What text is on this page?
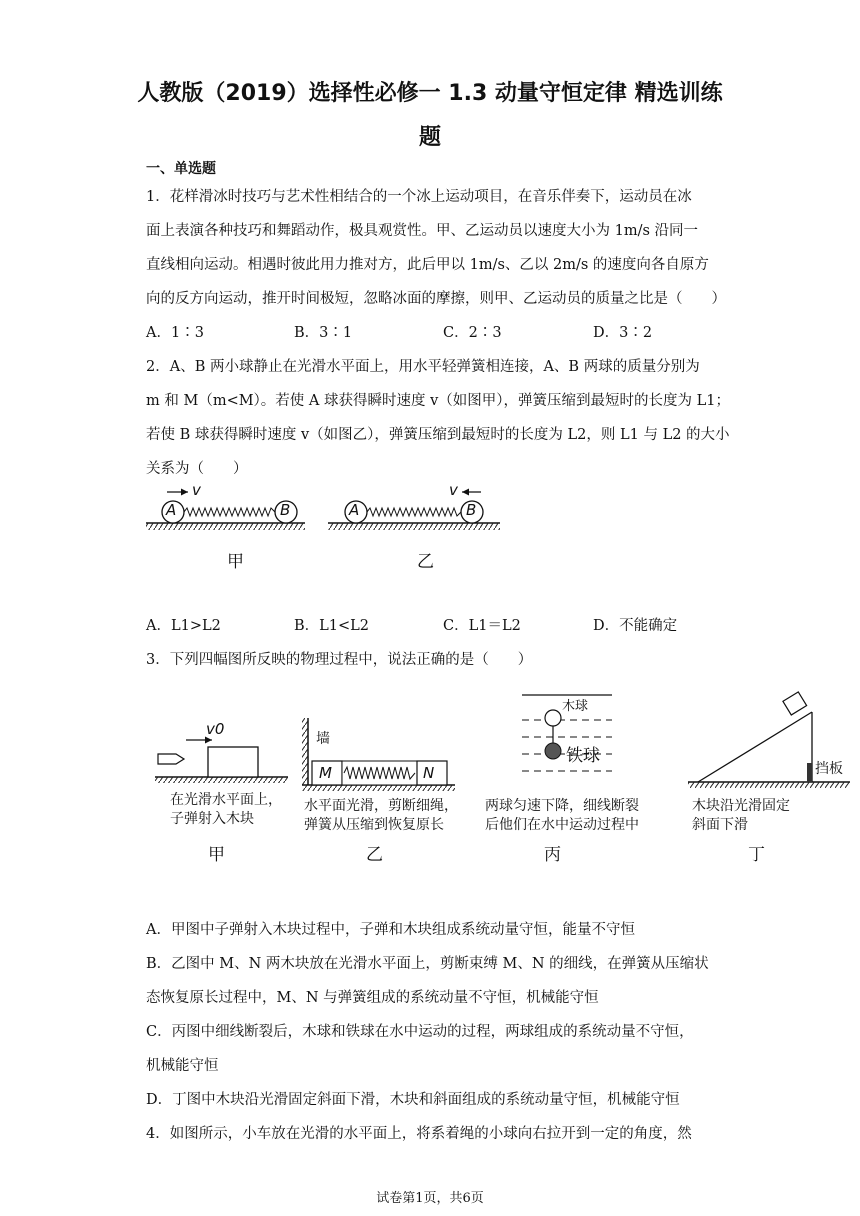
人教版（2019）选择性必修一 1.3 动量守恒定律 精选训练
题
一、单选题
1．花样滑冰时技巧与艺术性相结合的一个冰上运动项目，在音乐伴奏下，运动员在冰
面上表演各种技巧和舞蹈动作，极具观赏性。甲、乙运动员以速度大小为 1m/s 沿同一
直线相向运动。相遇时彼此用力推对方，此后甲以 1m/s、乙以 2m/s 的速度向各自原方
向的反方向运动，推开时间极短，忽略冰面的摩擦，则甲、乙运动员的质量之比是（　　）
A．1∶3	B．3∶1	C．2∶3	D．3∶2
2．A、B 两小球静止在光滑水平面上，用水平轻弹簧相连接，A、B 两球的质量分别为
m 和 M（m<M）。若使 A 球获得瞬时速度 v（如图甲），弹簧压缩到最短时的长度为 L1；
若使 B 球获得瞬时速度 v（如图乙），弹簧压缩到最短时的长度为 L2，则 L1 与 L2 的大小
关系为（　　）
A	B	A	B
v	v
甲	乙
A．L1>L2	B．L1<L2	C．L1＝L2	D．不能确定
3．下列四幅图所反映的物理过程中，说法正确的是（　　）
v0
墙
M	N
木球
铁球
挡板
在光滑水平面上，
子弹射入木块
水平面光滑，剪断细绳，
弹簧从压缩到恢复原长
两球匀速下降，细线断裂
后他们在水中运动过程中
木块沿光滑固定
斜面下滑
甲	乙	丙	丁
A．甲图中子弹射入木块过程中，子弹和木块组成系统动量守恒，能量不守恒
B．乙图中 M、N 两木块放在光滑水平面上，剪断束缚 M、N 的细线，在弹簧从压缩状
态恢复原长过程中，M、N 与弹簧组成的系统动量不守恒，机械能守恒
C．丙图中细线断裂后，木球和铁球在水中运动的过程，两球组成的系统动量不守恒，
机械能守恒
D．丁图中木块沿光滑固定斜面下滑，木块和斜面组成的系统动量守恒，机械能守恒
4．如图所示，小车放在光滑的水平面上，将系着绳的小球向右拉开到一定的角度，然
试卷第1页，共6页
